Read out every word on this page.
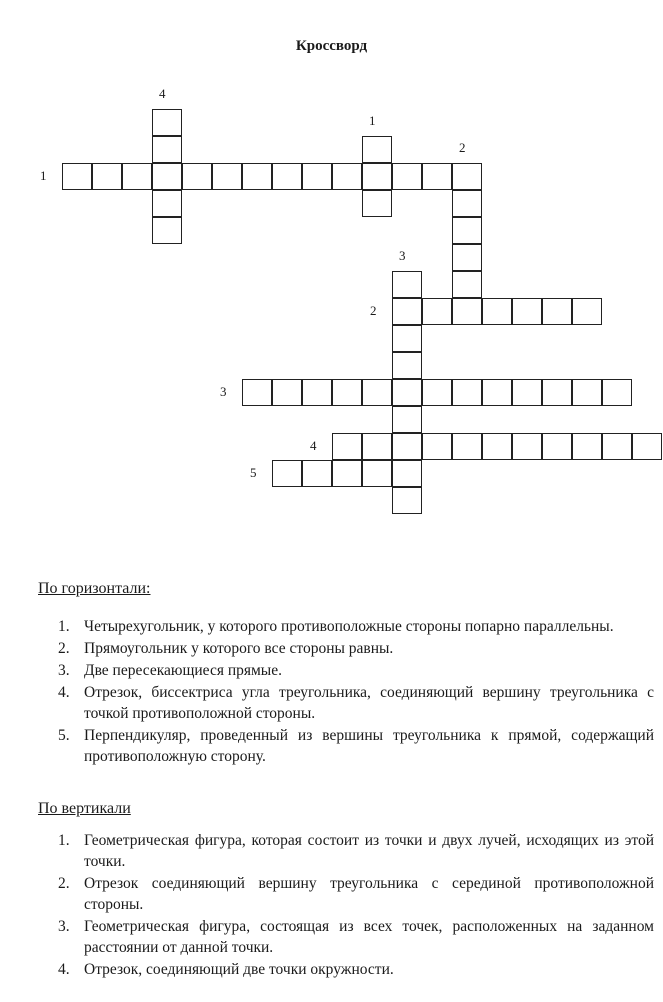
Кроссворд
4
1
1
2
3
2
3
4
5
По горизонтали:
1. Четырехугольник, у которого противоположные стороны попарно параллельны.
2. Прямоугольник у которого все стороны равны.
3. Две пересекающиеся прямые.
4. Отрезок, биссектриса угла треугольника, соединяющий вершину треугольника с точкой противоположной стороны.
5. Перпендикуляр, проведенный из вершины треугольника к прямой, содержащий противоположную сторону.
По вертикали
1. Геометрическая фигура, которая состоит из точки и двух лучей, исходящих из этой точки.
2. Отрезок соединяющий вершину треугольника с серединой противоположной стороны.
3. Геометрическая фигура, состоящая из всех точек, расположенных на заданном расстоянии от данной точки.
4. Отрезок, соединяющий две точки окружности.
